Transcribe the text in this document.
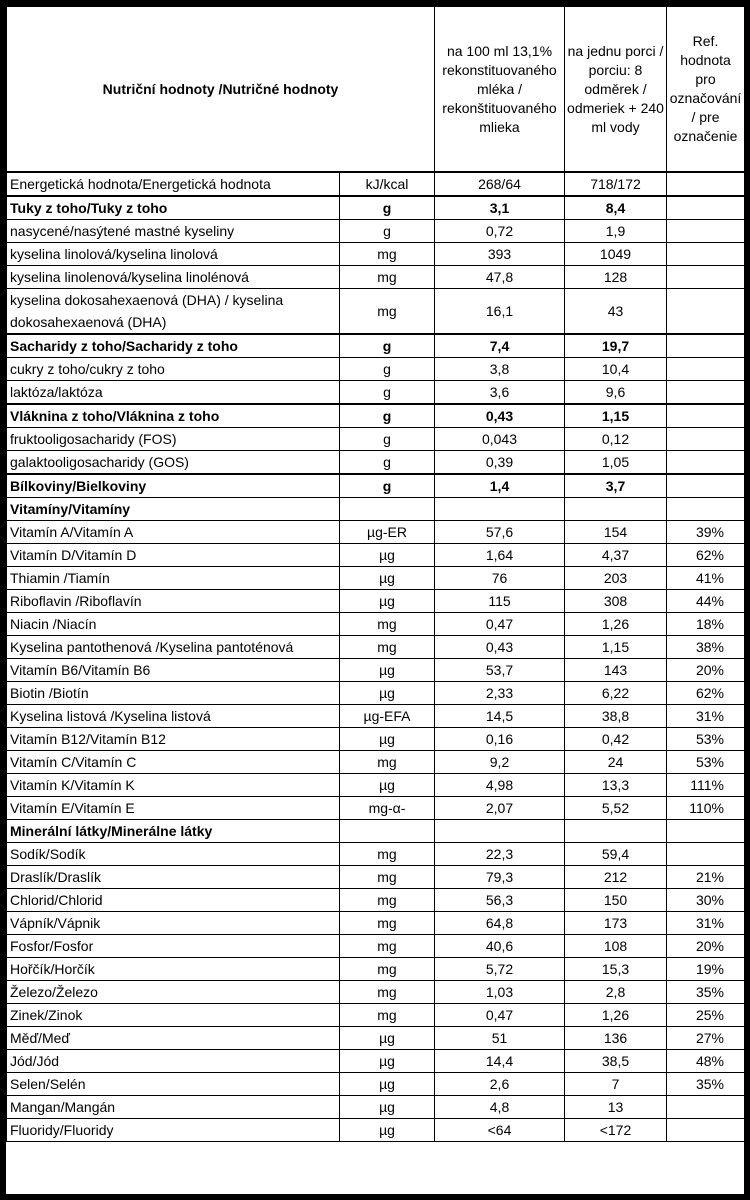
Nutriční hodnoty /Nutričné hodnoty		na 100 ml 13,1% rekonstituovaného mléka / rekonštituovaného mlieka	na jednu porci / porciu: 8 odměrek / odmeriek + 240 ml vody	Ref. hodnota pro označování / pre označenie
Energetická hodnota/Energetická hodnota	kJ/kcal	268/64	718/172	
Tuky z toho/Tuky z toho	g	3,1	8,4	
nasycené/nasýtené mastné kyseliny	g	0,72	1,9	
kyselina linolová/kyselina linolová	mg	393	1049	
kyselina linolenová/kyselina linolénová	mg	47,8	128	
kyselina dokosahexaenová (DHA) / kyselina dokosahexaenová (DHA)	mg	16,1	43	
Sacharidy z toho/Sacharidy z toho	g	7,4	19,7	
cukry z toho/cukry z toho	g	3,8	10,4	
laktóza/laktóza	g	3,6	9,6	
Vláknina z toho/Vláknina z toho	g	0,43	1,15	
fruktooligosacharidy (FOS)	g	0,043	0,12	
galaktooligosacharidy (GOS)	g	0,39	1,05	
Bílkoviny/Bielkoviny	g	1,4	3,7	
Vitamíny/Vitamíny				
Vitamín A/Vitamín A	µg-ER	57,6	154	39%
Vitamín D/Vitamín D	µg	1,64	4,37	62%
Thiamin /Tiamín	µg	76	203	41%
Riboflavin /Riboflavín	µg	115	308	44%
Niacin /Niacín	mg	0,47	1,26	18%
Kyselina pantothenová /Kyselina pantoténová	mg	0,43	1,15	38%
Vitamín B6/Vitamín B6	µg	53,7	143	20%
Biotin /Biotín	µg	2,33	6,22	62%
Kyselina listová /Kyselina listová	µg-EFA	14,5	38,8	31%
Vitamín B12/Vitamín B12	µg	0,16	0,42	53%
Vitamín C/Vitamín C	mg	9,2	24	53%
Vitamín K/Vitamín K	µg	4,98	13,3	111%
Vitamín E/Vitamín E	mg-α-	2,07	5,52	110%
Minerální látky/Minerálne látky				
Sodík/Sodík	mg	22,3	59,4	
Draslík/Draslík	mg	79,3	212	21%
Chlorid/Chlorid	mg	56,3	150	30%
Vápník/Vápnik	mg	64,8	173	31%
Fosfor/Fosfor	mg	40,6	108	20%
Hořčík/Horčík	mg	5,72	15,3	19%
Železo/Železo	mg	1,03	2,8	35%
Zinek/Zinok	mg	0,47	1,26	25%
Měď/Meď	µg	51	136	27%
Jód/Jód	µg	14,4	38,5	48%
Selen/Selén	µg	2,6	7	35%
Mangan/Mangán	µg	4,8	13	
Fluoridy/Fluoridy	µg	<64	<172	
